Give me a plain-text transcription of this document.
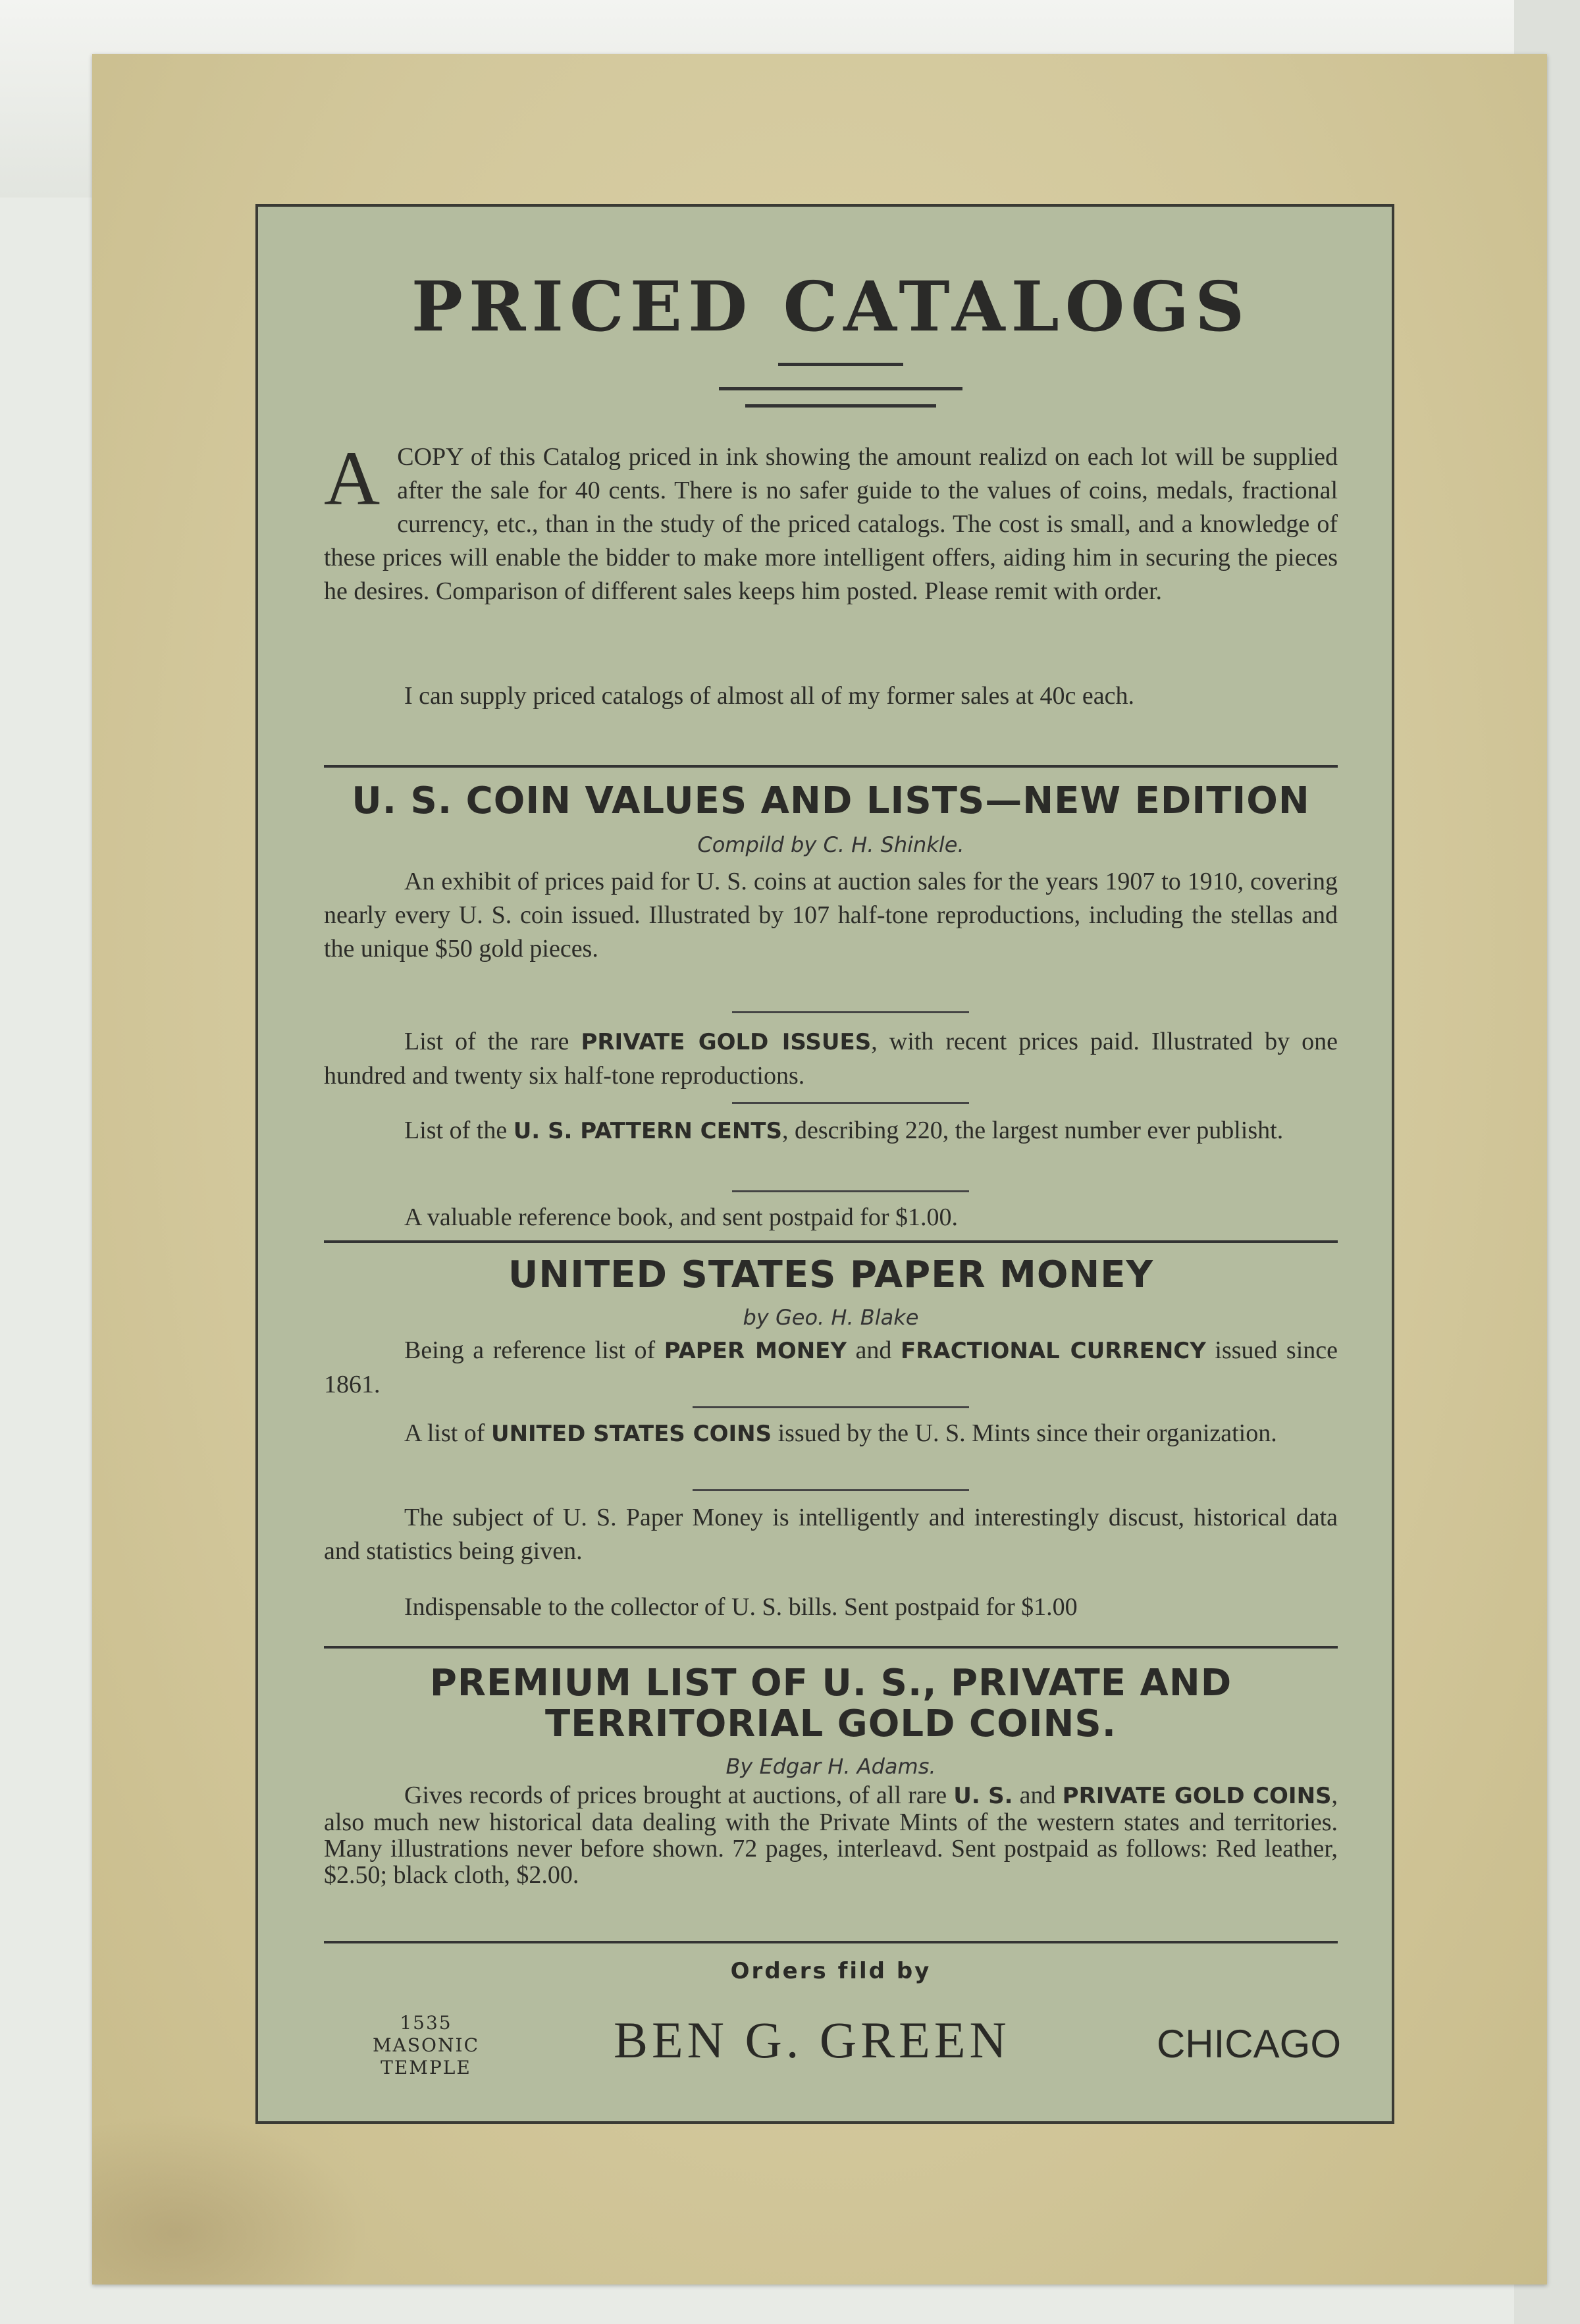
PRICED CATALOGS

ACOPY of this Catalog priced in ink showing the amount realizd on each lot will be supplied after the sale for 40 cents. There is no safer guide to the values of coins, medals, fractional currency, etc., than in the study of the priced catalogs. The cost is small, and a knowledge of these prices will enable the bidder to make more intelligent offers, aiding him in securing the pieces he desires. Comparison of different sales keeps him posted. Please remit with order.

I can supply priced catalogs of almost all of my former sales at 40c each.

U. S. COIN VALUES AND LISTS—NEW EDITION

Compild by C. H. Shinkle.

An exhibit of prices paid for U. S. coins at auction sales for the years 1907 to 1910, covering nearly every U. S. coin issued. Illustrated by 107 half-tone reproductions, including the stellas and the unique $50 gold pieces.

List of the rare PRIVATE GOLD ISSUES, with recent prices paid. Illustrated by one hundred and twenty six half-tone reproductions.

List of the U. S. PATTERN CENTS, describing 220, the largest number ever publisht.

A valuable reference book, and sent postpaid for $1.00.

UNITED STATES PAPER MONEY

by Geo. H. Blake

Being a reference list of PAPER MONEY and FRACTIONAL CURRENCY issued since 1861.

A list of UNITED STATES COINS issued by the U. S. Mints since their organization.

The subject of U. S. Paper Money is intelligently and interestingly discust, historical data and statistics being given.

Indispensable to the collector of U. S. bills. Sent postpaid for $1.00

PREMIUM LIST OF U. S., PRIVATE AND
TERRITORIAL GOLD COINS.

By Edgar H. Adams.

Gives records of prices brought at auctions, of all rare U. S. and PRIVATE GOLD COINS, also much new historical data dealing with the Private Mints of the western states and territories. Many illustrations never before shown. 72 pages, interleavd. Sent postpaid as follows: Red leather, $2.50; black cloth, $2.00.

Orders fild by
1535
MASONIC TEMPLE	BEN G. GREEN	CHICAGO
